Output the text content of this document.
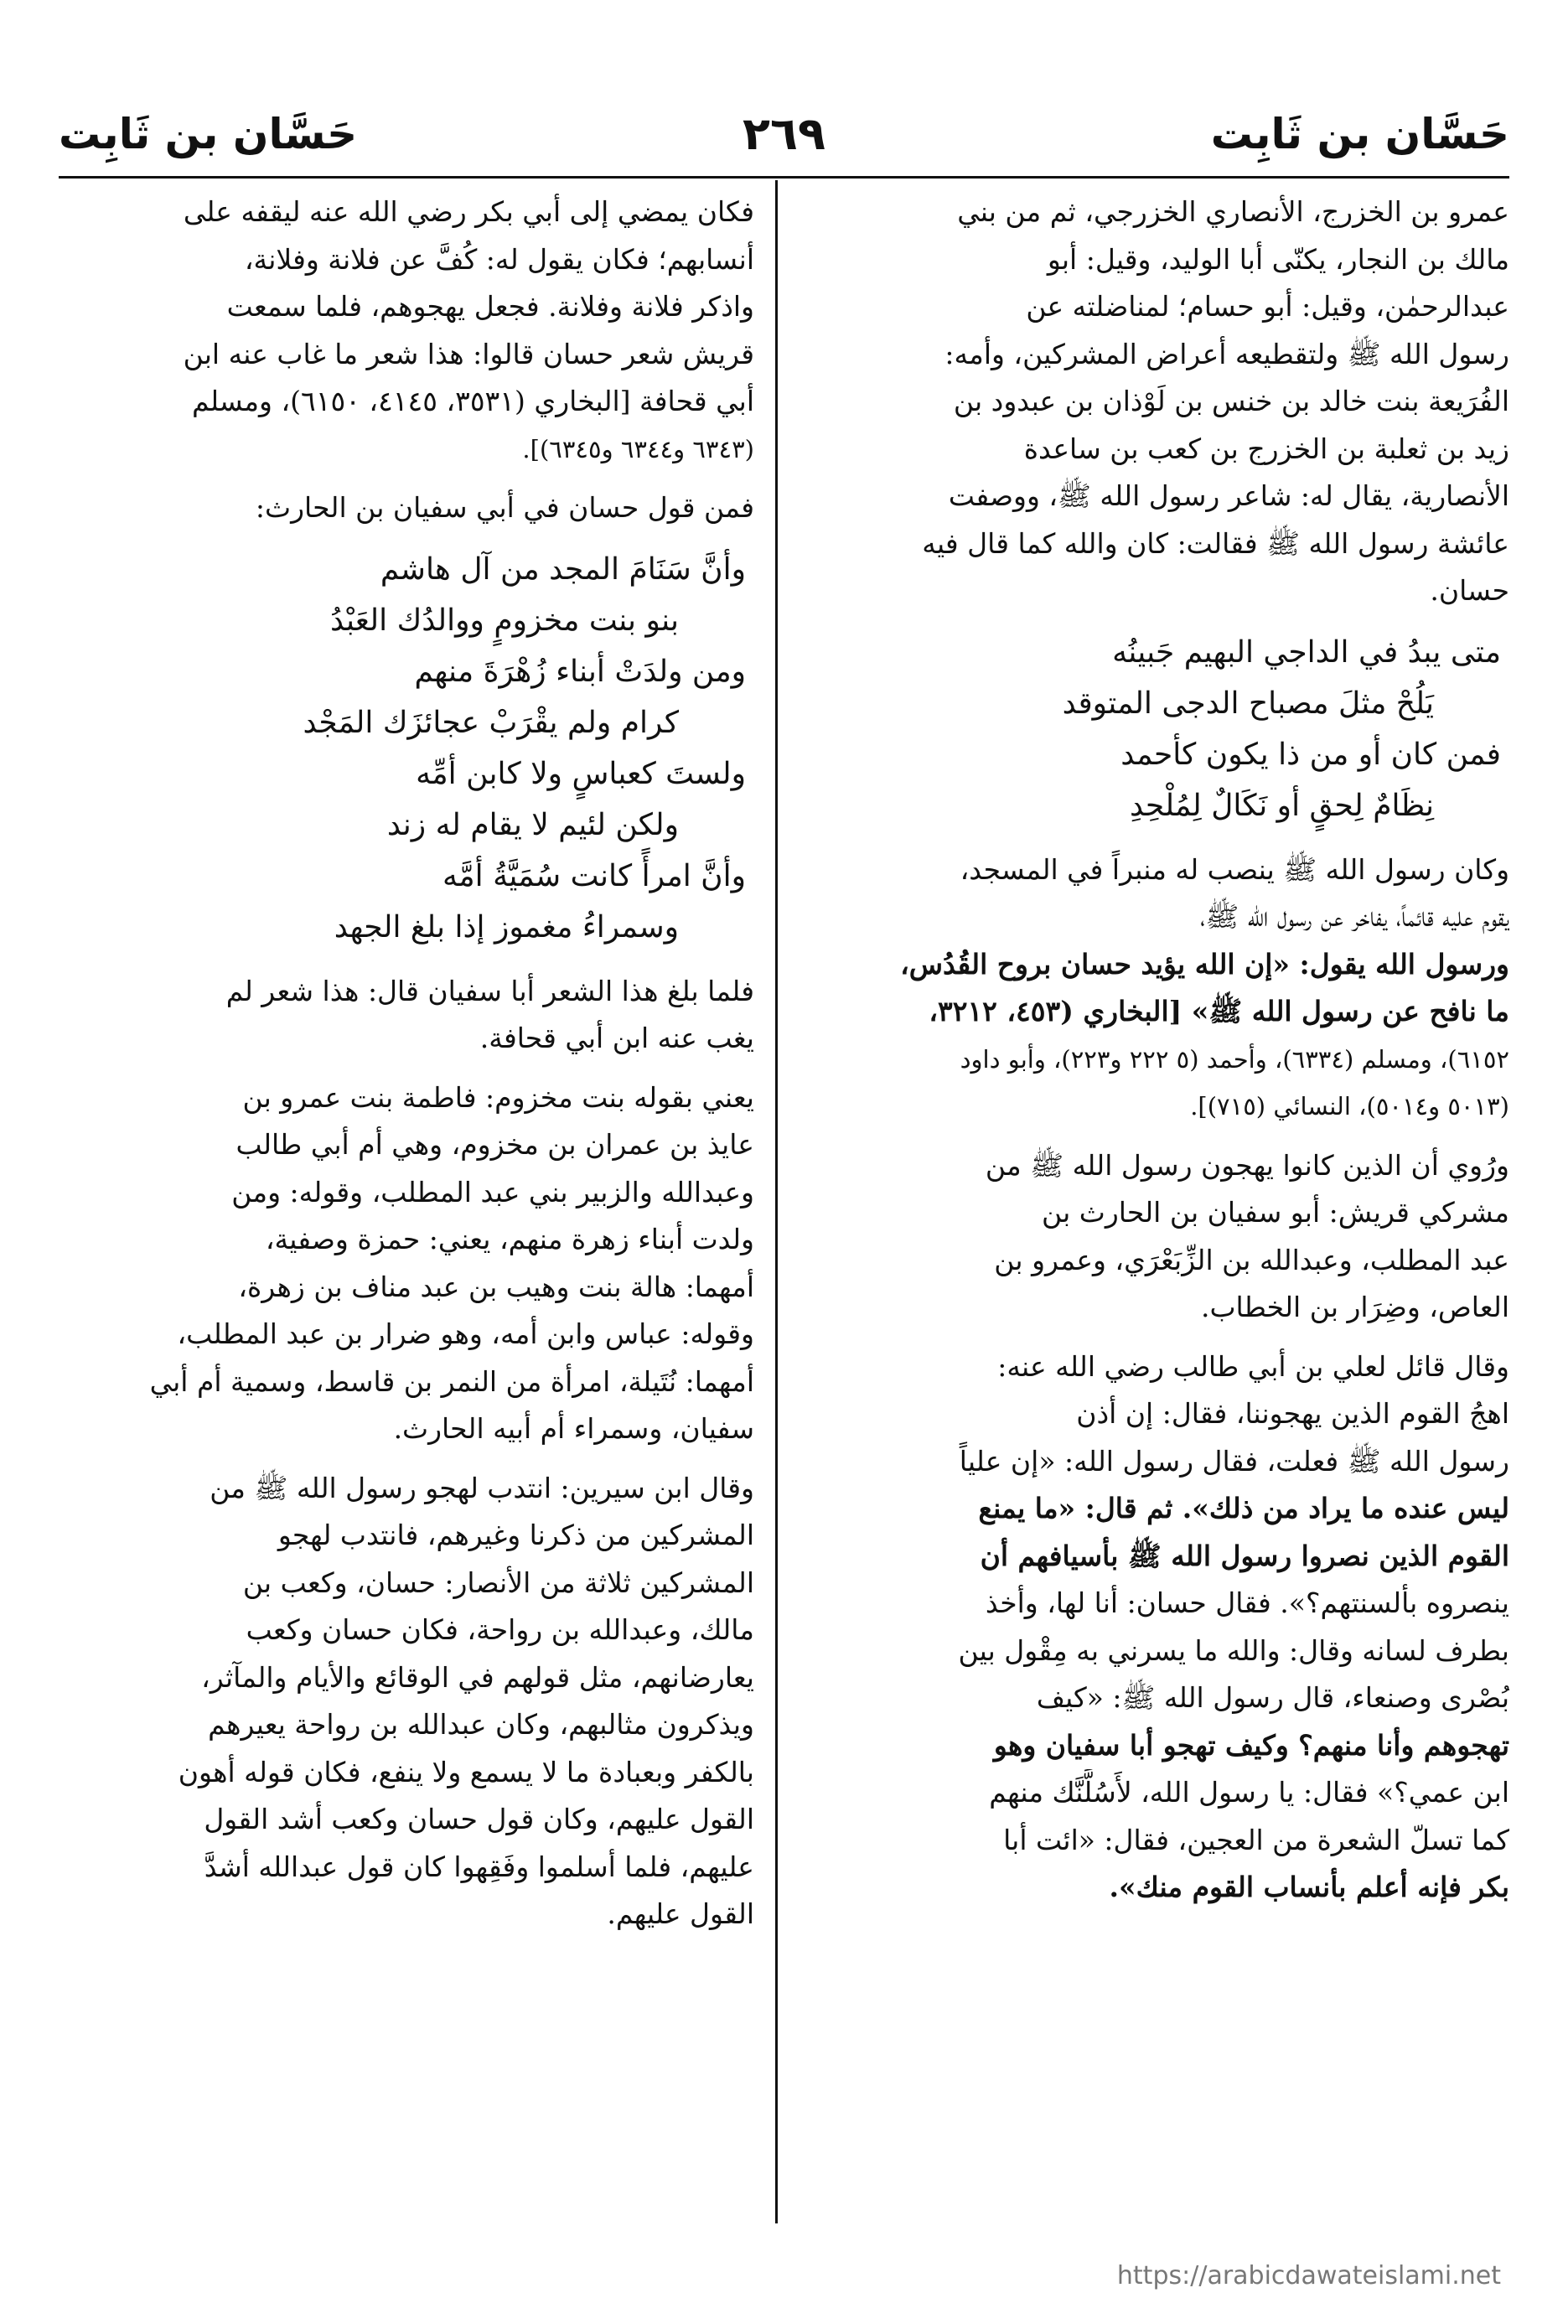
حَسَّان بن ثَابِت
٢٦٩
حَسَّان بن ثَابِت
عمرو بن الخزرج، الأنصاري الخزرجي، ثم من بني
مالك بن النجار، يكنّى أبا الوليد، وقيل: أبو
عبدالرحمٰن، وقيل: أبو حسام؛ لمناضلته عن
رسول الله ﷺ ولتقطيعه أعراض المشركين، وأمه:
الفُرَيعة بنت خالد بن خنس بن لَوْذان بن عبدود بن
زيد بن ثعلبة بن الخزرج بن كعب بن ساعدة
الأنصارية، يقال له: شاعر رسول الله ﷺ، ووصفت
عائشة رسول الله ﷺ فقالت: كان والله كما قال فيه
حسان.
متى يبدُ في الداجي البهيم جَبينُه
يَلُحْ مثلَ مصباح الدجى المتوقد
فمن كان أو من ذا يكون كأحمد
نِظَامٌ لِحقٍ أو نَكَالٌ لِمُلْحِدِ
وكان رسول الله ﷺ ينصب له منبراً في المسجد،
يقوم عليه قائماً، يفاخر عن رسول الله ﷺ،
ورسول الله يقول: «إن الله يؤيد حسان بروح القُدُس،
ما نافح عن رسول الله ﷺ» [البخاري (٤٥٣، ٣٢١٢،
٦١٥٢)، ومسلم (٦٣٣٤)، وأحمد (٥ ٢٢٢ و٢٢٣)، وأبو داود
(٥٠١٣ و٥٠١٤)، النسائي (٧١٥)].
ورُوي أن الذين كانوا يهجون رسول الله ﷺ من
مشركي قريش: أبو سفيان بن الحارث بن
عبد المطلب، وعبدالله بن الزِّبَعْرَي، وعمرو بن
العاص، وضِرَار بن الخطاب.
وقال قائل لعلي بن أبي طالب رضي الله عنه:
اهجُ القوم الذين يهجوننا، فقال: إن أذن
رسول الله ﷺ فعلت، فقال رسول الله: «إن علياً
ليس عنده ما يراد من ذلك». ثم قال: «ما يمنع
القوم الذين نصروا رسول الله ﷺ بأسيافهم أن
ينصروه بألسنتهم؟». فقال حسان: أنا لها، وأخذ
بطرف لسانه وقال: والله ما يسرني به مِقْول بين
بُصْرى وصنعاء، قال رسول الله ﷺ: «كيف
تهجوهم وأنا منهم؟ وكيف تهجو أبا سفيان وهو
ابن عمي؟» فقال: يا رسول الله، لأَسُلَّنَّك منهم
كما تسلّ الشعرة من العجين، فقال: «ائت أبا
بكر فإنه أعلم بأنساب القوم منك».
فكان يمضي إلى أبي بكر رضي الله عنه ليقفه على
أنسابهم؛ فكان يقول له: كُفَّ عن فلانة وفلانة،
واذكر فلانة وفلانة. فجعل يهجوهم، فلما سمعت
قريش شعر حسان قالوا: هذا شعر ما غاب عنه ابن
أبي قحافة [البخاري (٣٥٣١، ٤١٤٥، ٦١٥٠)، ومسلم
(٦٣٤٣ و٦٣٤٤ و٦٣٤٥)].
فمن قول حسان في أبي سفيان بن الحارث:
وأنَّ سَنَامَ المجد من آل هاشم
بنو بنت مخزومٍ ووالدُك العَبْدُ
ومن ولدَتْ أبناء زُهْرَةَ منهم
كرام ولم يقْرَبْ عجائزَك المَجْد
ولستَ كعباسٍ ولا كابن أمِّه
ولكن لئيم لا يقام له زند
وأنَّ امرأً كانت سُمَيَّةُ أمَّه
وسمراءُ مغموز إذا بلغ الجهد
فلما بلغ هذا الشعر أبا سفيان قال: هذا شعر لم
يغب عنه ابن أبي قحافة.
يعني بقوله بنت مخزوم: فاطمة بنت عمرو بن
عايذ بن عمران بن مخزوم، وهي أم أبي طالب
وعبدالله والزبير بني عبد المطلب، وقوله: ومن
ولدت أبناء زهرة منهم، يعني: حمزة وصفية،
أمهما: هالة بنت وهيب بن عبد مناف بن زهرة،
وقوله: عباس وابن أمه، وهو ضرار بن عبد المطلب،
أمهما: نُتَيلة، امرأة من النمر بن قاسط، وسمية أم أبي
سفيان، وسمراء أم أبيه الحارث.
وقال ابن سيرين: انتدب لهجو رسول الله ﷺ من
المشركين من ذكرنا وغيرهم، فانتدب لهجو
المشركين ثلاثة من الأنصار: حسان، وكعب بن
مالك، وعبدالله بن رواحة، فكان حسان وكعب
يعارضانهم، مثل قولهم في الوقائع والأيام والمآثر،
ويذكرون مثالبهم، وكان عبدالله بن رواحة يعيرهم
بالكفر وبعبادة ما لا يسمع ولا ينفع، فكان قوله أهون
القول عليهم، وكان قول حسان وكعب أشد القول
عليهم، فلما أسلموا وفَقِهوا كان قول عبدالله أشدَّ
القول عليهم.
https://arabicdawateislami.net
